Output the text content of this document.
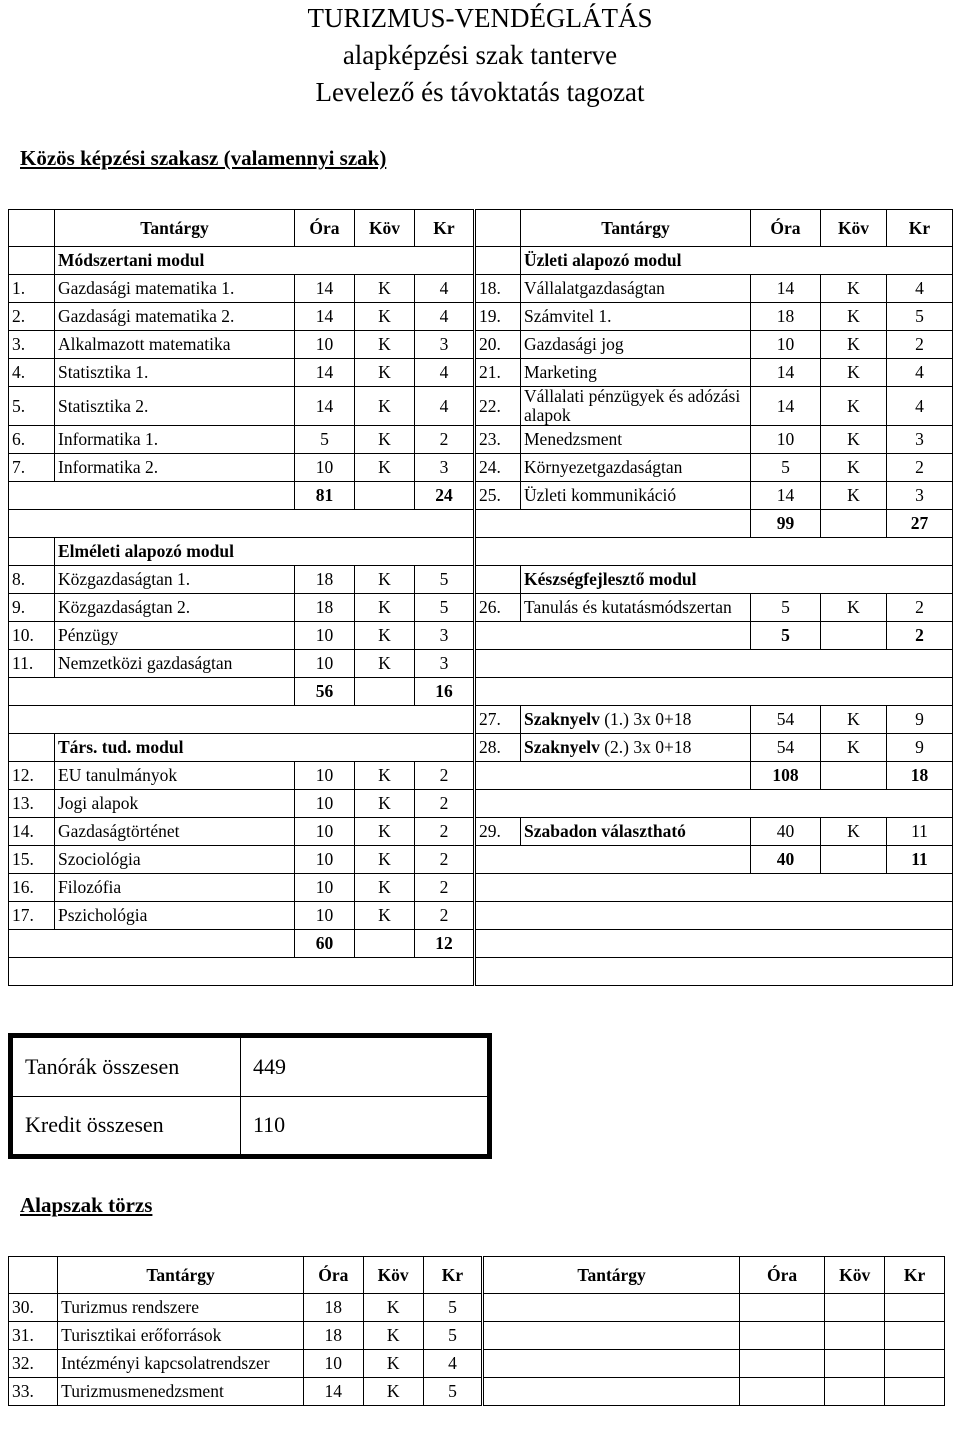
TURIZMUS-VENDÉGLÁTÁS
alapképzési szak tanterve
Levelező és távoktatás tagozat
Közös képzési szakasz (valamennyi szak)
	Tantárgy	Óra	Köv	Kr		Tantárgy	Óra	Köv	Kr
	Módszertani modul					Üzleti alapozó modul			
1.	Gazdasági matematika 1.	14	K	4	18.	Vállalatgazdaságtan	14	K	4
2.	Gazdasági matematika 2.	14	K	4	19.	Számvitel 1.	18	K	5
3.	Alkalmazott matematika	10	K	3	20.	Gazdasági jog	10	K	2
4.	Statisztika 1.	14	K	4	21.	Marketing	14	K	4
5.	Statisztika 2.	14	K	4	22.	Vállalati pénzügyek és adózási alapok	14	K	4
6.	Informatika 1.	5	K	2	23.	Menedzsment	10	K	3
7.	Informatika 2.	10	K	3	24.	Környezetgazdaságtan	5	K	2
		81		24	25.	Üzleti kommunikáció	14	K	3
							99		27
	Elméleti alapozó modul								
8.	Közgazdaságtan 1.	18	K	5		Készségfejlesztő modul			
9.	Közgazdaságtan 2.	18	K	5	26.	Tanulás és kutatásmódszertan	5	K	2
10.	Pénzügy	10	K	3			5		2
11.	Nemzetközi gazdaságtan	10	K	3					
		56		16					
					27.	Szaknyelv (1.) 3x 0+18	54	K	9
	Társ. tud. modul				28.	Szaknyelv (2.) 3x 0+18	54	K	9
12.	EU tanulmányok	10	K	2			108		18
13.	Jogi alapok	10	K	2					
14.	Gazdaságtörténet	10	K	2	29.	Szabadon választható	40	K	11
15.	Szociológia	10	K	2			40		11
16.	Filozófia	10	K	2					
17.	Pszichológia	10	K	2					
		60		12					

Tanórák összesen	449
Kredit összesen	110
Alapszak törzs
	Tantárgy	Óra	Köv	Kr	Tantárgy	Óra	Köv	Kr
30.	Turizmus rendszere	18	K	5				
31.	Turisztikai erőforrások	18	K	5				
32.	Intézményi kapcsolatrendszer	10	K	4				
33.	Turizmusmenedzsment	14	K	5				
